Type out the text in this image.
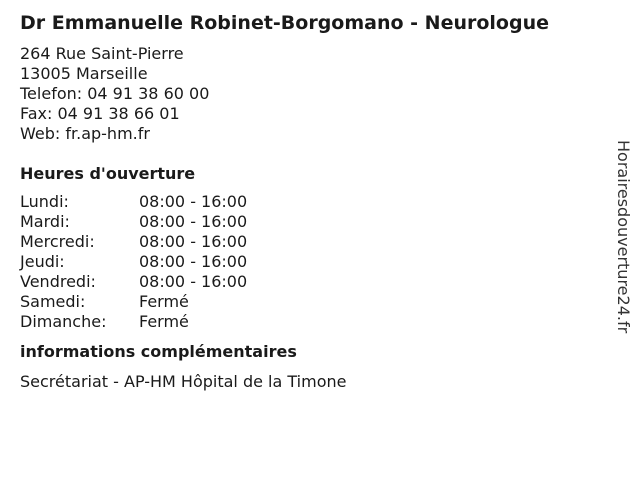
Dr Emmanuelle Robinet-Borgomano - Neurologue
264 Rue Saint-Pierre
13005 Marseille
Telefon: 04 91 38 60 00
Fax: 04 91 38 66 01
Web: fr.ap-hm.fr
Heures d'ouverture
Lundi:	08:00 - 16:00
Mardi:	08:00 - 16:00
Mercredi:	08:00 - 16:00
Jeudi:	08:00 - 16:00
Vendredi:	08:00 - 16:00
Samedi:	Fermé
Dimanche:	Fermé
informations complémentaires
Secrétariat - AP-HM Hôpital de la Timone
Horairesdouverture24.fr
